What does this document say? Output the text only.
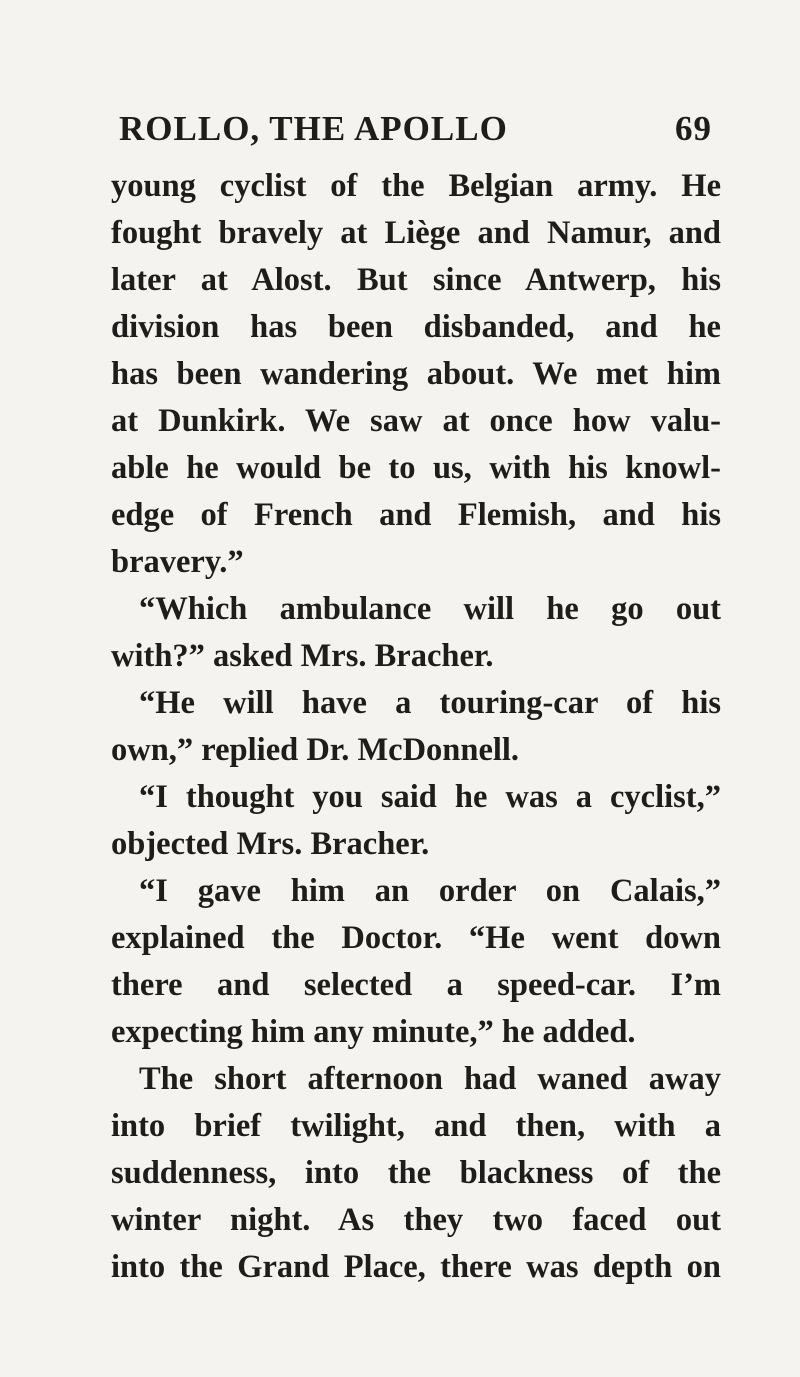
ROLLO, THE APOLLO	69
young cyclist of the Belgian army. He
fought bravely at Liège and Namur, and
later at Alost. But since Antwerp, his
division has been disbanded, and he
has been wandering about. We met him
at Dunkirk. We saw at once how valu-
able he would be to us, with his knowl-
edge of French and Flemish, and his
bravery.”
“Which ambulance will he go out
with?” asked Mrs. Bracher.
“He will have a touring-car of his
own,” replied Dr. McDonnell.
“I thought you said he was a cyclist,”
objected Mrs. Bracher.
“I gave him an order on Calais,”
explained the Doctor. “He went down
there and selected a speed-car. I’m
expecting him any minute,” he added.
The short afternoon had waned away
into brief twilight, and then, with a
suddenness, into the blackness of the
winter night. As they two faced out
into the Grand Place, there was depth on
